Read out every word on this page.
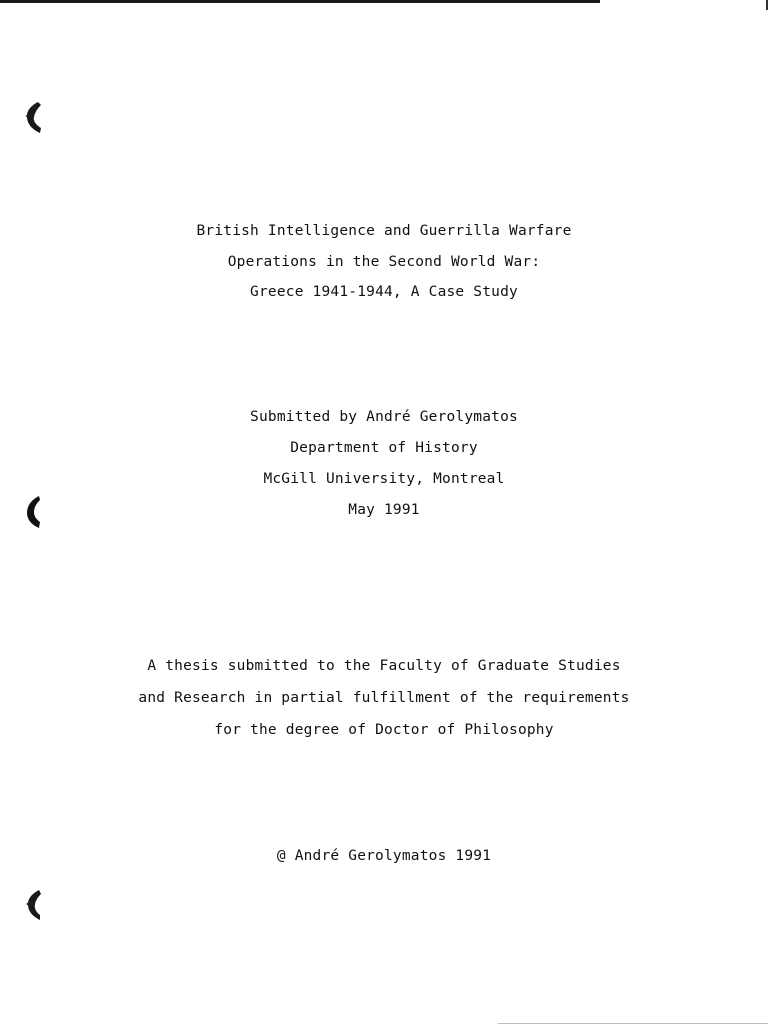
British Intelligence and Guerrilla Warfare
Operations in the Second World War:
Greece 1941-1944, A Case Study
Submitted by André Gerolymatos
Department of History
McGill University, Montreal
May 1991
A thesis submitted to the Faculty of Graduate Studies
and Research in partial fulfillment of the requirements
for the degree of Doctor of Philosophy
@ André Gerolymatos 1991
